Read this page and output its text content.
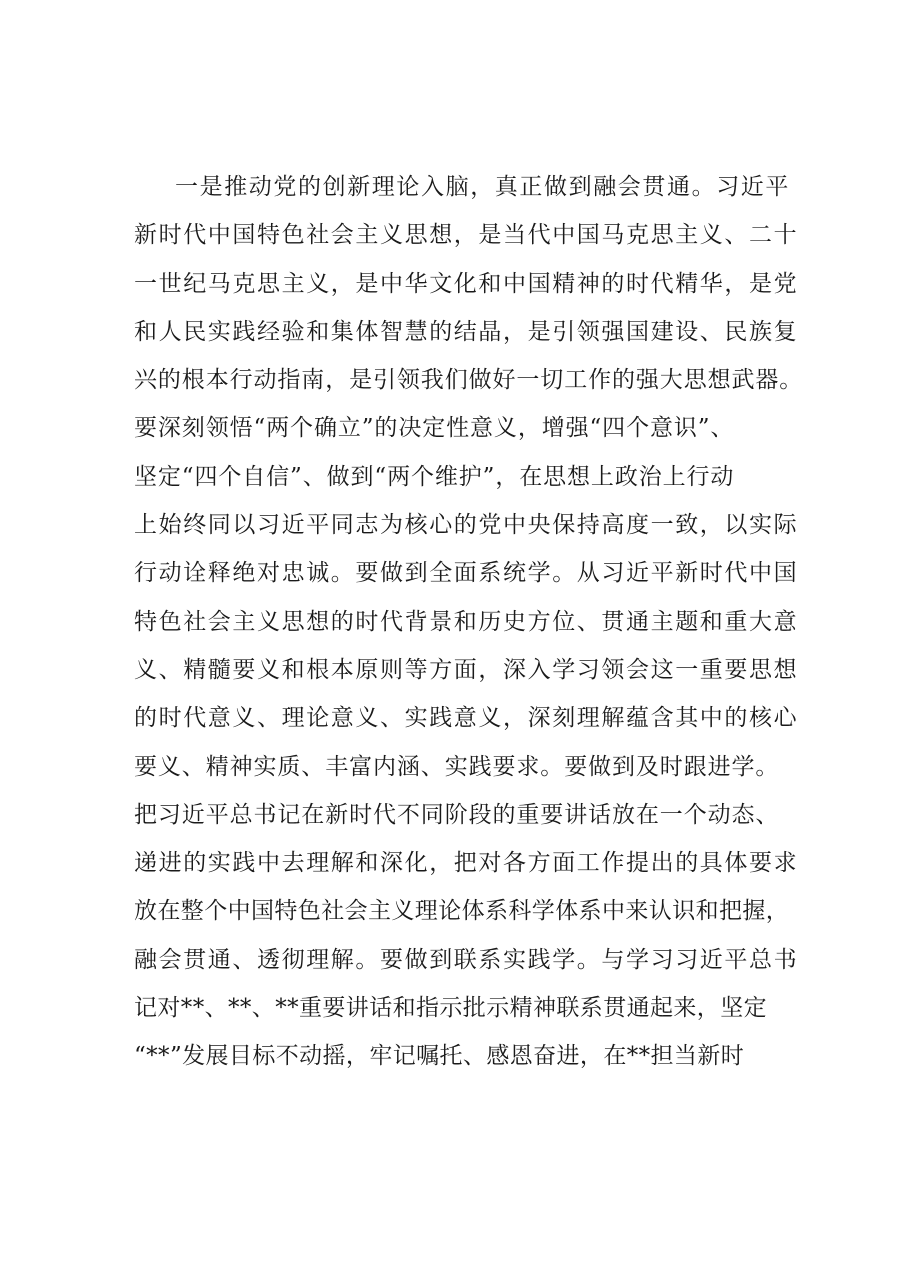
一是推动党的创新理论入脑，真正做到融会贯通。习近平
新时代中国特色社会主义思想，是当代中国马克思主义、二十
一世纪马克思主义，是中华文化和中国精神的时代精华，是党
和人民实践经验和集体智慧的结晶，是引领强国建设、民族复
兴的根本行动指南，是引领我们做好一切工作的强大思想武器。
要深刻领悟“两个确立”的决定性意义，增强“四个意识”、
坚定“四个自信”、做到“两个维护”，在思想上政治上行动
上始终同以习近平同志为核心的党中央保持高度一致，以实际
行动诠释绝对忠诚。要做到全面系统学。从习近平新时代中国
特色社会主义思想的时代背景和历史方位、贯通主题和重大意
义、精髓要义和根本原则等方面，深入学习领会这一重要思想
的时代意义、理论意义、实践意义，深刻理解蕴含其中的核心
要义、精神实质、丰富内涵、实践要求。要做到及时跟进学。
把习近平总书记在新时代不同阶段的重要讲话放在一个动态、
递进的实践中去理解和深化，把对各方面工作提出的具体要求
放在整个中国特色社会主义理论体系科学体系中来认识和把握，
融会贯通、透彻理解。要做到联系实践学。与学习习近平总书
记对**、**、**重要讲话和指示批示精神联系贯通起来，坚定
“**”发展目标不动摇，牢记嘱托、感恩奋进，在**担当新时
